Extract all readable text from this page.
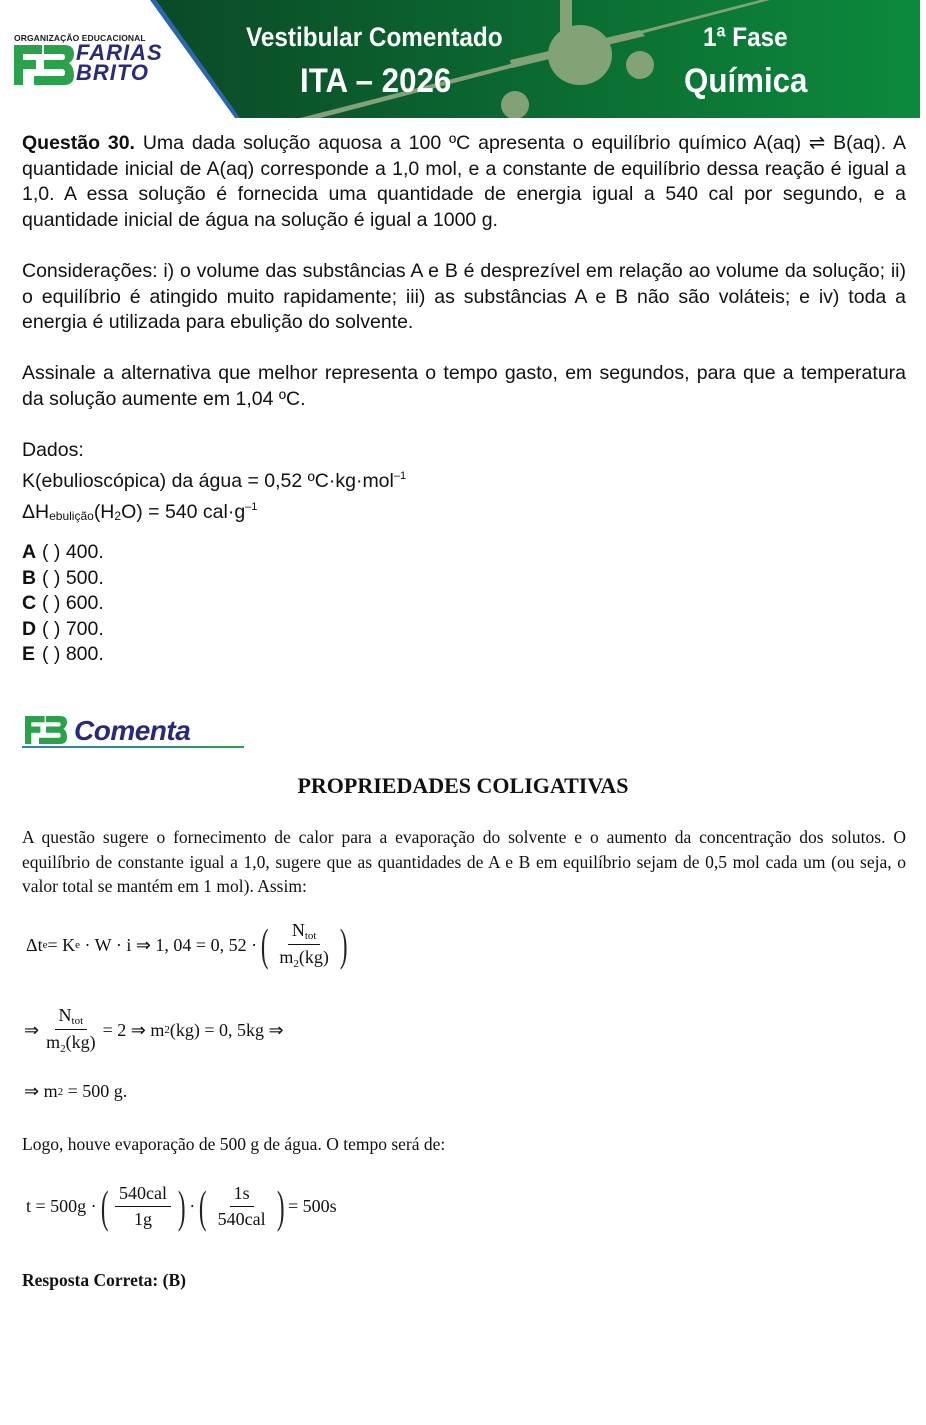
ORGANIZAÇÃO EDUCACIONAL
FARIAS
BRITO
Vestibular Comentado
ITA – 2026
1ª Fase
Química
Questão 30. Uma dada solução aquosa a 100 ºC apresenta o equilíbrio químico A(aq) ⇌ B(aq). A quantidade inicial de A(aq) corresponde a 1,0 mol, e a constante de equilíbrio dessa reação é igual a 1,0. A essa solução é fornecida uma quantidade de energia igual a 540 cal por segundo, e a quantidade inicial de água na solução é igual a 1000 g.
Considerações: i) o volume das substâncias A e B é desprezível em relação ao volume da solução; ii) o equilíbrio é atingido muito rapidamente; iii) as substâncias A e B não são voláteis; e iv) toda a energia é utilizada para ebulição do solvente.
Assinale a alternativa que melhor representa o tempo gasto, em segundos, para que a temperatura da solução aumente em 1,04 ºC.
Dados:
K(ebulioscópica) da água = 0,52 ºC·kg·mol$^{-1}$
ΔHebulição(H2O) = 540 $cal\cdot g^{-1}$
A ( ) 400.
B ( ) 500.
C ( ) 600.
D ( ) 700.
E ( ) 800.
Comenta
PROPRIEDADES COLIGATIVAS
A questão sugere o fornecimento de calor para a evaporação do solvente e o aumento da concentração dos solutos. O equilíbrio de constante igual a 1,0, sugere que as quantidades de A e B em equilíbrio sejam de 0,5 mol cada um (ou seja, o valor total se mantém em 1 mol). Assim:
Δt e = K e · W · i ⇒ 1, 04 = 0, 52 · ( $\frac{\text{Ntot}}{m_2(kg)}$ )
⇒ $\frac{\text{Ntot}}{m_2(kg)} = 2$ ⇒ m 2 (kg) = 0, 5kg ⇒
⇒ m 2 = 500 g.
Logo, houve evaporação de 500 g de água. O tempo será de:
t = 500g · ( $\frac{\text{540cal}}{1g}$ ) · ( $\frac{1s}{\text{540cal}}$ ) = 500s
Resposta Correta: (B)
